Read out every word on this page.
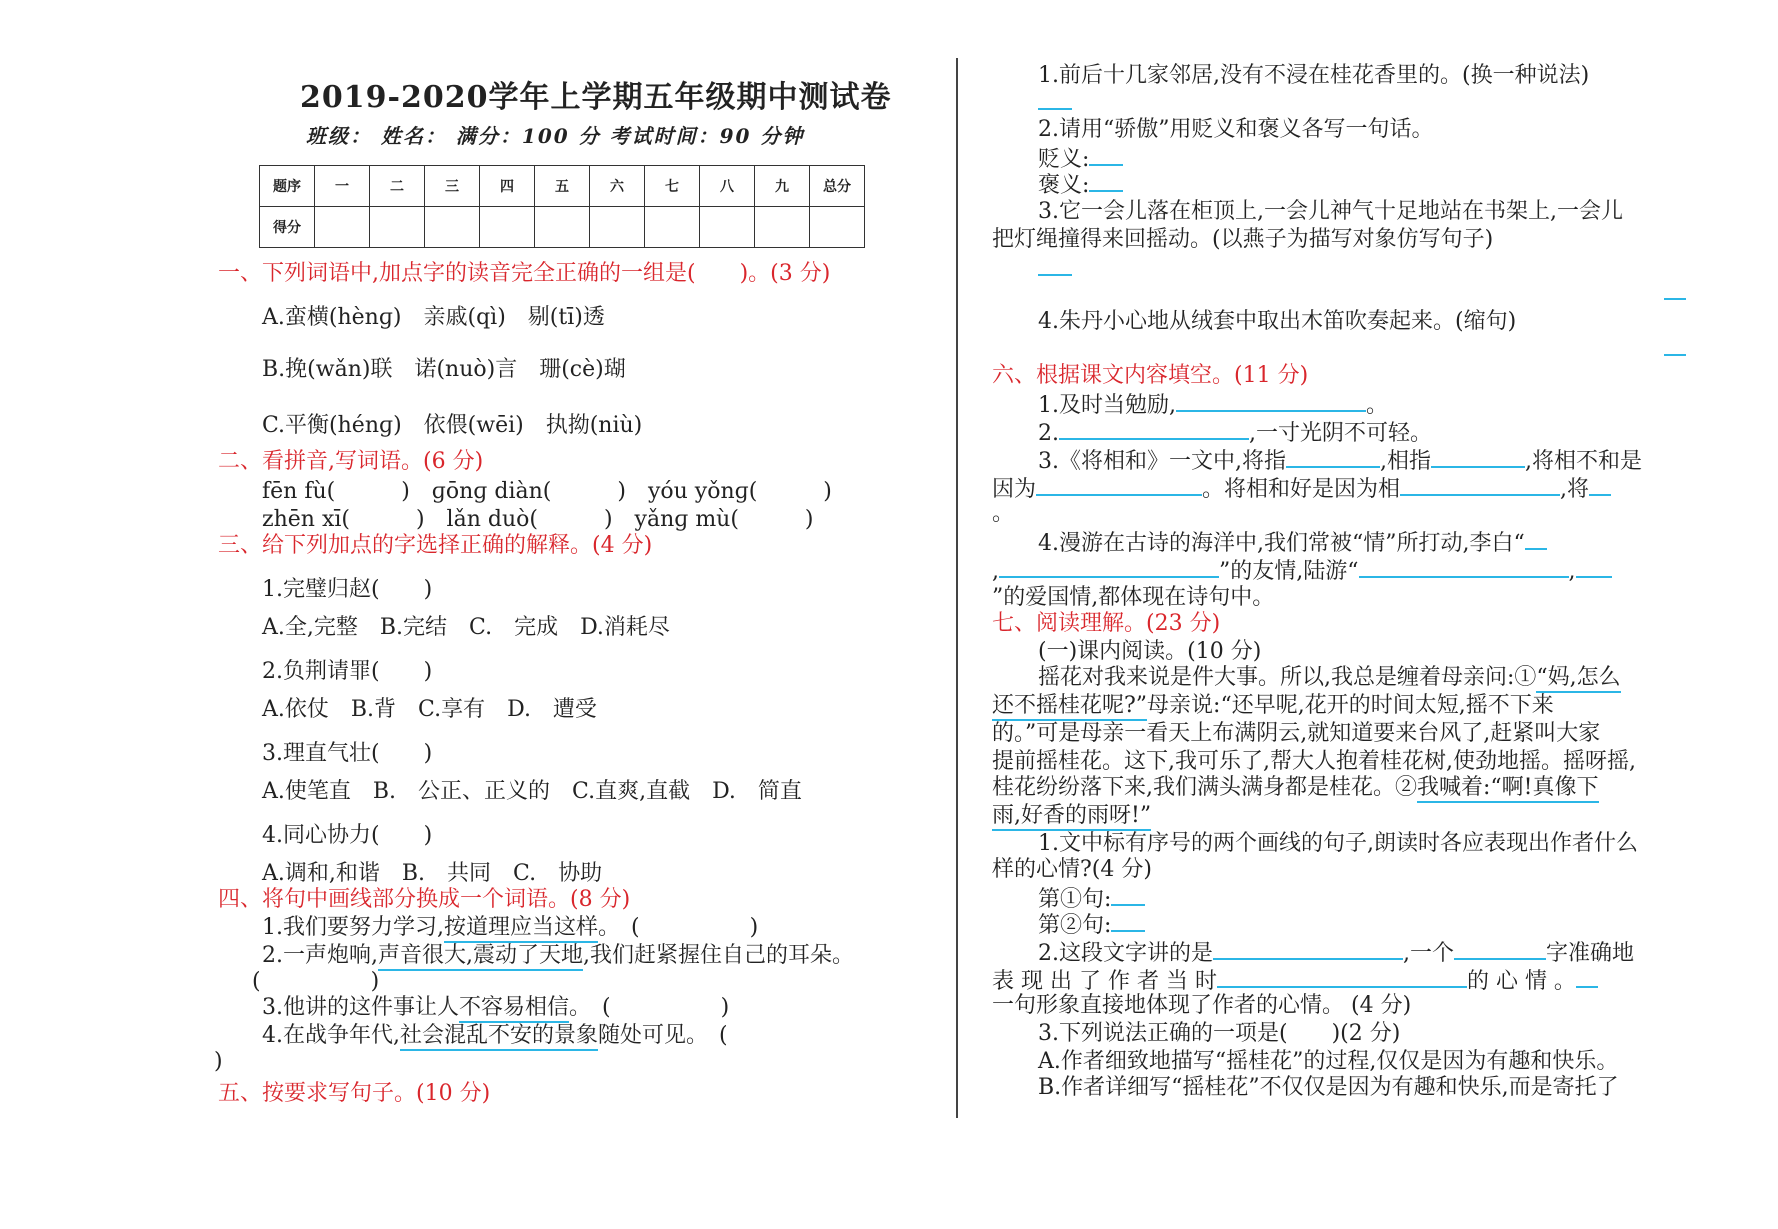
2019-2020学年上学期五年级期中测试卷
班级： 姓名： 满分：100 分 考试时间：90 分钟
题序	一	二	三	四	五	六	七	八	九	总分
得分										
一、下列词语中,加点字的读音完全正确的一组是(　　)。(3 分)
A.蛮横(hènɡ)　亲戚(qì)　剔(tī)透
B.挽(wǎn)联　诺(nuò)言　珊(cè)瑚
C.平衡(hénɡ)　依偎(wēi)　执拗(niù)
二、看拼音,写词语。(6 分)
fēn fù(　　　)　ɡōnɡ diàn(　　　)　yóu yǒnɡ(　　　)
zhēn xī(　　　)　lǎn duò(　　　)　yǎnɡ mù(　　　)
三、给下列加点的字选择正确的解释。(4 分)
1.完璧归赵(　　)
A.全,完整　B.完结　C.　完成　D.消耗尽
2.负荆请罪(　　)
A.依仗　B.背　C.享有　D.　遭受
3.理直气壮(　　)
A.使笔直　B.　公正、正义的　C.直爽,直截　D.　简直
4.同心协力(　　)
A.调和,和谐　B.　共同　C.　协助
四、将句中画线部分换成一个词语。(8 分)
1.我们要努力学习,按道理应当这样。　(　　　　　)
2.一声炮响,声音很大,震动了天地,我们赶紧握住自己的耳朵。
(　　　　　)
3.他讲的这件事让人不容易相信。　(　　　　　)
4.在战争年代,社会混乱不安的景象随处可见。　(
)
五、按要求写句子。(10 分)
1.前后十几家邻居,没有不浸在桂花香里的。(换一种说法)
2.请用“骄傲”用贬义和褒义各写一句话。
贬义:
褒义:
3.它一会儿落在柜顶上,一会儿神气十足地站在书架上,一会儿
把灯绳撞得来回摇动。(以燕子为描写对象仿写句子)
4.朱丹小心地从绒套中取出木笛吹奏起来。(缩句)
六、根据课文内容填空。(11 分)
1.及时当勉励,	。
2.	,一寸光阴不可轻。
3.《将相和》一文中,将指	,相指	,将相不和是
因为	。将相和好是因为相	,将
。
4.漫游在古诗的海洋中,我们常被“情”所打动,李白“
,	”的友情,陆游“	,
”的爱国情,都体现在诗句中。
七、阅读理解。(23 分)
(一)课内阅读。(10 分)
摇花对我来说是件大事。所以,我总是缠着母亲问:①“妈,怎么
还不摇桂花呢?”母亲说:“还早呢,花开的时间太短,摇不下来
的。”可是母亲一看天上布满阴云,就知道要来台风了,赶紧叫大家
提前摇桂花。这下,我可乐了,帮大人抱着桂花树,使劲地摇。摇呀摇,
桂花纷纷落下来,我们满头满身都是桂花。②我喊着:“啊!真像下
雨,好香的雨呀!”
1.文中标有序号的两个画线的句子,朗读时各应表现出作者什么
样的心情?(4 分)
第①句:
第②句:
2.这段文字讲的是	,一个	字准确地
表 现 出 了 作 者 当 时	的 心 情 。
一句形象直接地体现了作者的心情。 (4 分)
3.下列说法正确的一项是(　　)(2 分)
A.作者细致地描写“摇桂花”的过程,仅仅是因为有趣和快乐。
B.作者详细写“摇桂花”不仅仅是因为有趣和快乐,而是寄托了
